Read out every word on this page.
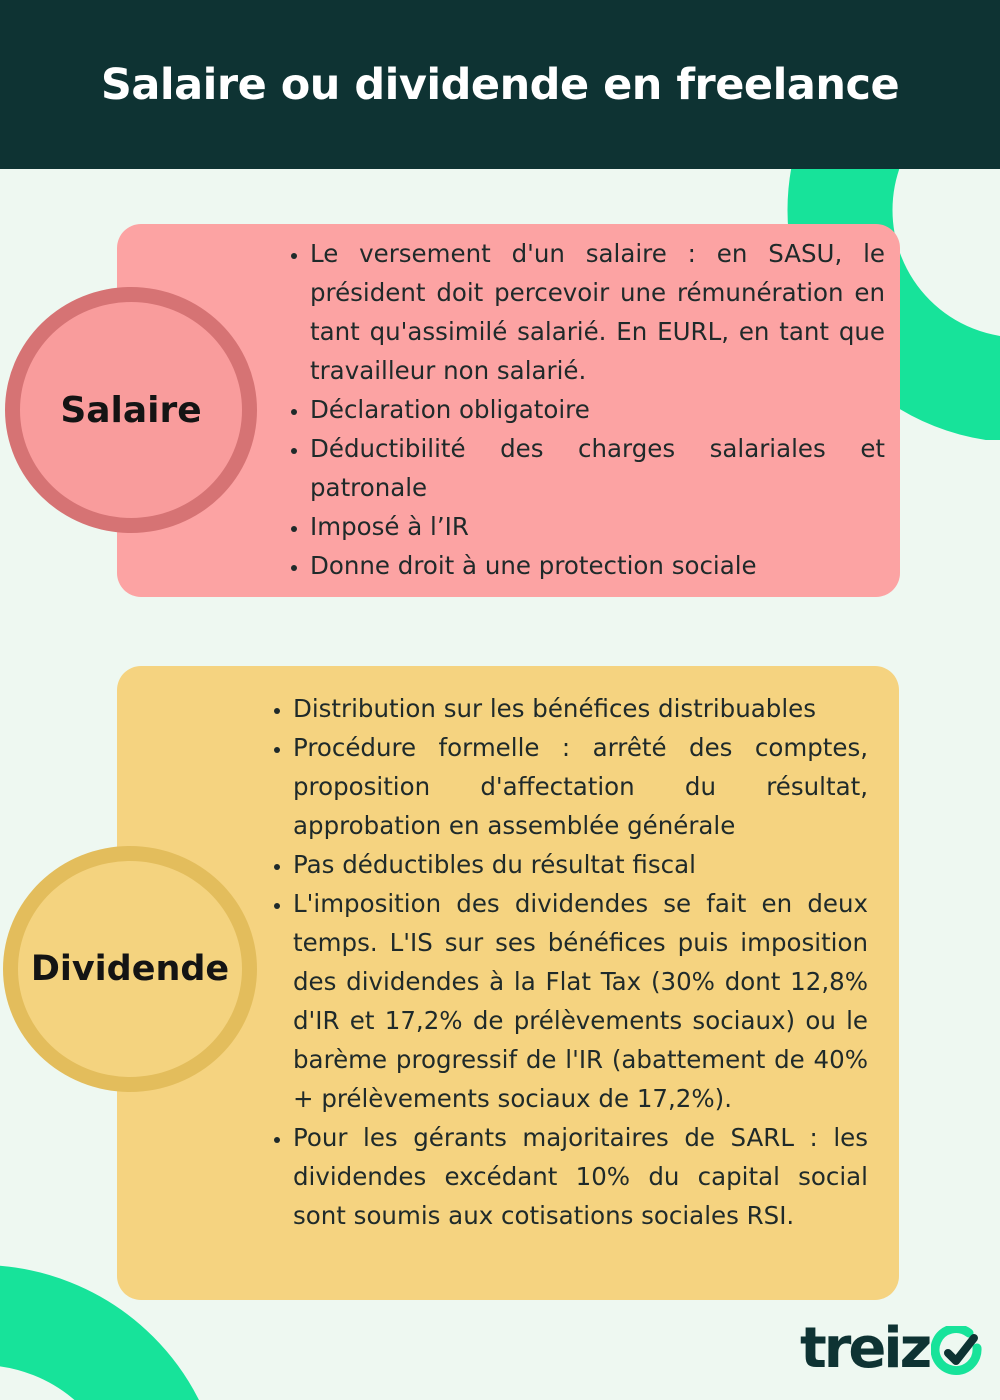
Salaire ou dividende en freelance
Salaire
• Le versement d'un salaire : en SASU, le président doit percevoir une rémunération en tant qu'assimilé salarié. En EURL, en tant que travailleur non salarié.
• Déclaration obligatoire
• Déductibilité des charges salariales et patronale
• Imposé à l’IR
• Donne droit à une protection sociale
Dividende
• Distribution sur les bénéfices distribuables
• Procédure formelle : arrêté des comptes, proposition d'affectation du résultat, approbation en assemblée générale
• Pas déductibles du résultat fiscal
• L'imposition des dividendes se fait en deux temps. L'IS sur ses bénéfices puis imposition des dividendes à la Flat Tax (30% dont 12,8% d'IR et 17,2% de prélèvements sociaux) ou le barème progressif de l'IR (abattement de 40% + prélèvements sociaux de 17,2%).
• Pour les gérants majoritaires de SARL : les dividendes excédant 10% du capital social sont soumis aux cotisations sociales RSI.
treiz
